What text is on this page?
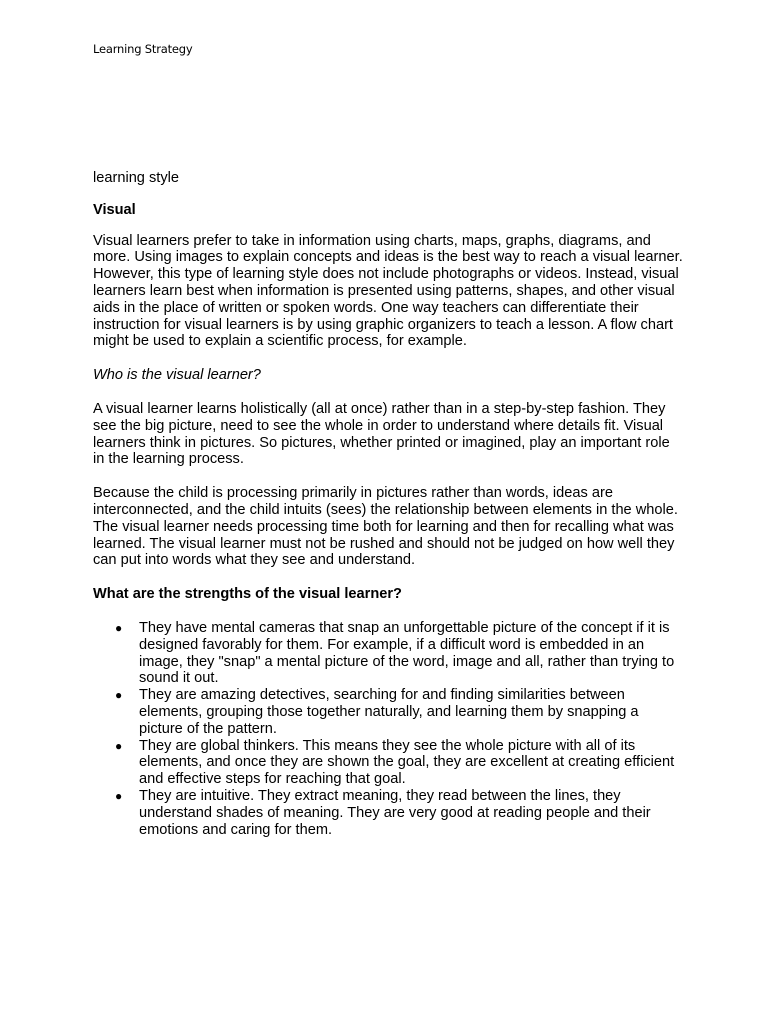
Learning Strategy

learning style

Visual

Visual learners prefer to take in information using charts, maps, graphs, diagrams, and more. Using images to explain concepts and ideas is the best way to reach a visual learner. However, this type of learning style does not include photographs or videos. Instead, visual learners learn best when information is presented using patterns, shapes, and other visual aids in the place of written or spoken words. One way teachers can differentiate their instruction for visual learners is by using graphic organizers to teach a lesson. A flow chart might be used to explain a scientific process, for example.

Who is the visual learner?

A visual learner learns holistically (all at once) rather than in a step-by-step fashion. They see the big picture, need to see the whole in order to understand where details fit. Visual learners think in pictures. So pictures, whether printed or imagined, play an important role in the learning process.

Because the child is processing primarily in pictures rather than words, ideas are interconnected, and the child intuits (sees) the relationship between elements in the whole. The visual learner needs processing time both for learning and then for recalling what was learned. The visual learner must not be rushed and should not be judged on how well they can put into words what they see and understand.

What are the strengths of the visual learner?

● They have mental cameras that snap an unforgettable picture of the concept if it is designed favorably for them. For example, if a difficult word is embedded in an image, they "snap" a mental picture of the word, image and all, rather than trying to sound it out.
● They are amazing detectives, searching for and finding similarities between elements, grouping those together naturally, and learning them by snapping a picture of the pattern.
● They are global thinkers. This means they see the whole picture with all of its elements, and once they are shown the goal, they are excellent at creating efficient and effective steps for reaching that goal.
● They are intuitive. They extract meaning, they read between the lines, they understand shades of meaning. They are very good at reading people and their emotions and caring for them.
